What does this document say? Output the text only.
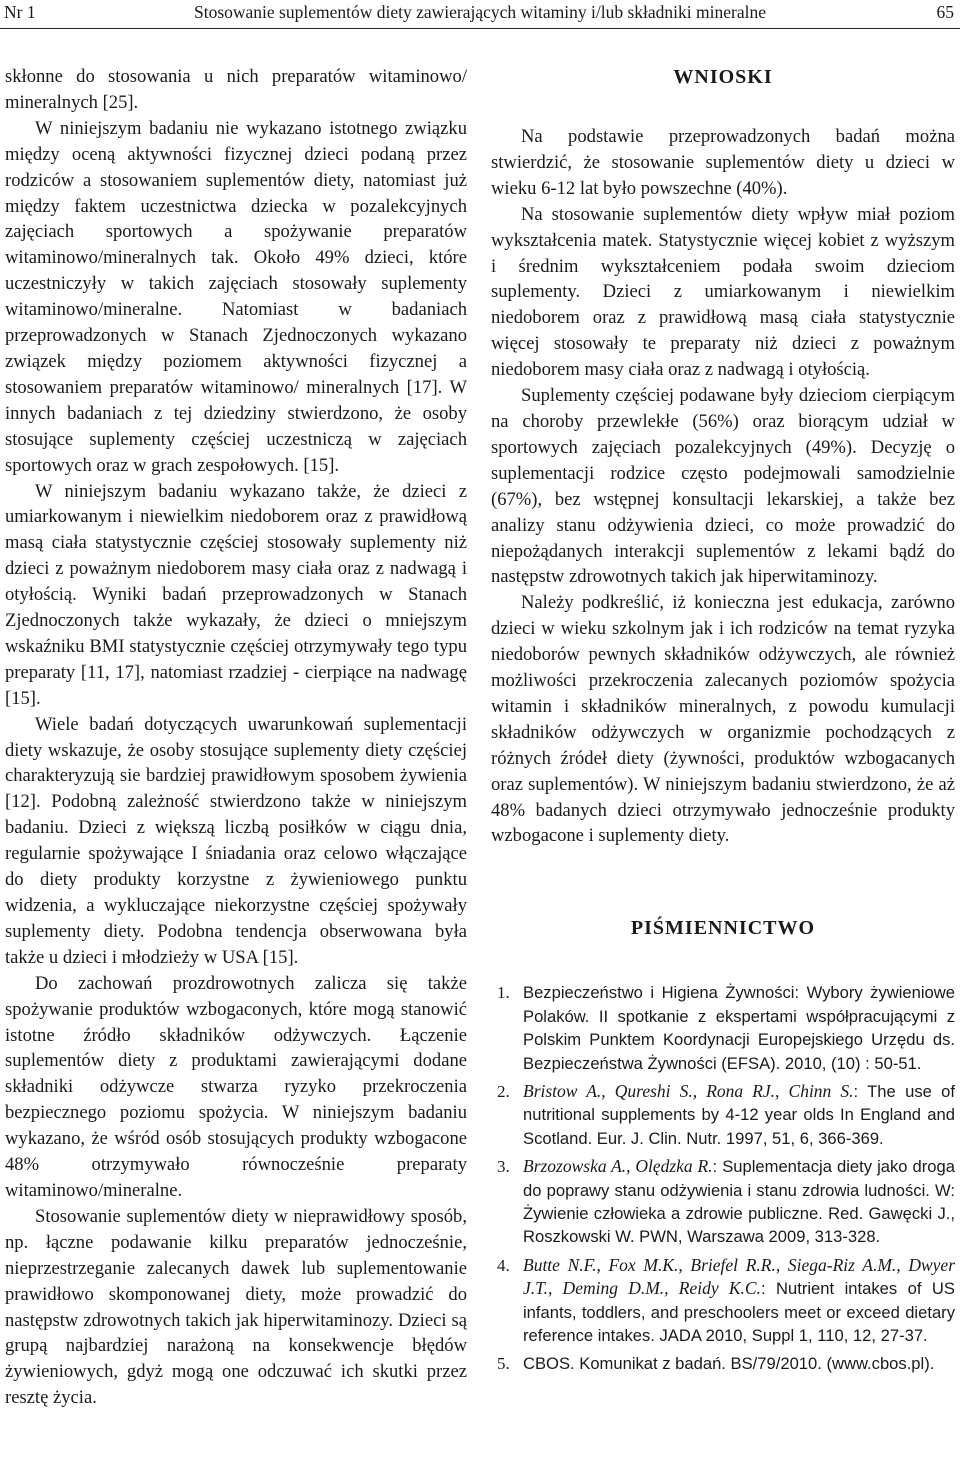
Nr 1	Stosowanie suplementów diety zawierających witaminy i/lub składniki mineralne	65

skłonne do stosowania u nich preparatów witaminowo/ mineralnych [25].

W niniejszym badaniu nie wykazano istotnego związku między oceną aktywności fizycznej dzieci podaną przez rodziców a stosowaniem suplementów diety, natomiast już między faktem uczestnictwa dziecka w pozalekcyjnych zajęciach sportowych a spożywanie preparatów witaminowo/mineralnych tak. Około 49% dzieci, które uczestniczyły w takich zajęciach stosowały suplementy witaminowo/mineralne. Natomiast w badaniach przeprowadzonych w Stanach Zjednoczonych wykazano związek między poziomem aktywności fizycznej a stosowaniem preparatów witaminowo/ mineralnych [17]. W innych badaniach z tej dziedziny stwierdzono, że osoby stosujące suplementy częściej uczestniczą w zajęciach sportowych oraz w grach zespołowych. [15].

W niniejszym badaniu wykazano także, że dzieci z umiarkowanym i niewielkim niedoborem oraz z prawidłową masą ciała statystycznie częściej stosowały suplementy niż dzieci z poważnym niedoborem masy ciała oraz z nadwagą i otyłością. Wyniki badań przeprowadzonych w Stanach Zjednoczonych także wykazały, że dzieci o mniejszym wskaźniku BMI statystycznie częściej otrzymywały tego typu preparaty [11, 17], natomiast rzadziej - cierpiące na nadwagę [15].

Wiele badań dotyczących uwarunkowań suplementacji diety wskazuje, że osoby stosujące suplementy diety częściej charakteryzują sie bardziej prawidłowym sposobem żywienia [12]. Podobną zależność stwierdzono także w niniejszym badaniu. Dzieci z większą liczbą posiłków w ciągu dnia, regularnie spożywające I śniadania oraz celowo włączające do diety produkty korzystne z żywieniowego punktu widzenia, a wykluczające niekorzystne częściej spożywały suplementy diety. Podobna tendencja obserwowana była także u dzieci i młodzieży w USA [15].

Do zachowań prozdrowotnych zalicza się także spożywanie produktów wzbogaconych, które mogą stanowić istotne źródło składników odżywczych. Łączenie suplementów diety z produktami zawierającymi dodane składniki odżywcze stwarza ryzyko przekroczenia bezpiecznego poziomu spożycia. W niniejszym badaniu wykazano, że wśród osób stosujących produkty wzbogacone 48% otrzymywało równocześnie preparaty witaminowo/mineralne.

Stosowanie suplementów diety w nieprawidłowy sposób, np. łączne podawanie kilku preparatów jednocześnie, nieprzestrzeganie zalecanych dawek lub suplementowanie prawidłowo skomponowanej diety, może prowadzić do następstw zdrowotnych takich jak hiperwitaminozy. Dzieci są grupą najbardziej narażoną na konsekwencje błędów żywieniowych, gdyż mogą one odczuwać ich skutki przez resztę życia.

WNIOSKI

Na podstawie przeprowadzonych badań można stwierdzić, że stosowanie suplementów diety u dzieci w wieku 6-12 lat było powszechne (40%).

Na stosowanie suplementów diety wpływ miał poziom wykształcenia matek. Statystycznie więcej kobiet z wyższym i średnim wykształceniem podała swoim dzieciom suplementy. Dzieci z umiarkowanym i niewielkim niedoborem oraz z prawidłową masą ciała statystycznie więcej stosowały te preparaty niż dzieci z poważnym niedoborem masy ciała oraz z nadwagą i otyłością.

Suplementy częściej podawane były dzieciom cierpiącym na choroby przewlekłe (56%) oraz biorącym udział w sportowych zajęciach pozalekcyjnych (49%). Decyzję o suplementacji rodzice często podejmowali samodzielnie (67%), bez wstępnej konsultacji lekarskiej, a także bez analizy stanu odżywienia dzieci, co może prowadzić do niepożądanych interakcji suplementów z lekami bądź do następstw zdrowotnych takich jak hiperwitaminozy.

Należy podkreślić, iż konieczna jest edukacja, zarówno dzieci w wieku szkolnym jak i ich rodziców na temat ryzyka niedoborów pewnych składników odżywczych, ale również możliwości przekroczenia zalecanych poziomów spożycia witamin i składników mineralnych, z powodu kumulacji składników odżywczych w organizmie pochodzących z różnych źródeł diety (żywności, produktów wzbogacanych oraz suplementów). W niniejszym badaniu stwierdzono, że aż 48% badanych dzieci otrzymywało jednocześnie produkty wzbogacone i suplementy diety.

PIŚMIENNICTWO
1. Bezpieczeństwo i Higiena Żywności: Wybory żywieniowe Polaków. II spotkanie z ekspertami współpracującymi z Polskim Punktem Koordynacji Europejskiego Urzędu ds. Bezpieczeństwa Żywności (EFSA). 2010, (10) : 50-51.
2. Bristow A., Qureshi S., Rona RJ., Chinn S.: The use of nutritional supplements by 4-12 year olds In England and Scotland. Eur. J. Clin. Nutr. 1997, 51, 6, 366-369.
3. Brzozowska A., Olędzka R.: Suplementacja diety jako droga do poprawy stanu odżywienia i stanu zdrowia ludności. W: Żywienie człowieka a zdrowie publiczne. Red. Gawęcki J., Roszkowski W. PWN, Warszawa 2009, 313-328.
4. Butte N.F., Fox M.K., Briefel R.R., Siega-Riz A.M., Dwyer J.T., Deming D.M., Reidy K.C.: Nutrient intakes of US infants, toddlers, and preschoolers meet or exceed dietary reference intakes. JADA 2010, Suppl 1, 110, 12, 27-37.
5. CBOS. Komunikat z badań. BS/79/2010. (www.cbos.pl).
